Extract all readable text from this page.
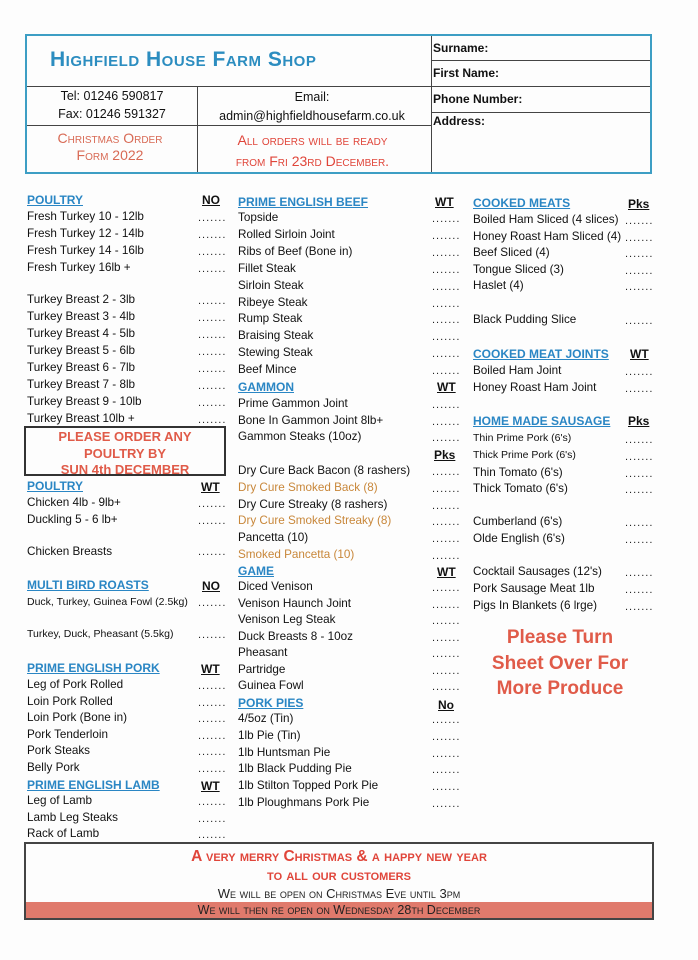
Highfield House Farm Shop
Tel: 01246 590817
Fax: 01246 591327
Email:
admin@highfieldhousefarm.co.uk
Christmas Order
Form 2022
All orders will be ready
from Fri 23rd December.
Surname:
First Name:
Phone Number:
Address:
POULTRY	NO
Fresh Turkey 10 - 12lb	.......
Fresh Turkey 12 - 14lb	.......
Fresh Turkey 14 - 16lb	.......
Fresh Turkey 16lb +	.......
Turkey Breast 2 - 3lb	.......
Turkey Breast 3 - 4lb	.......
Turkey Breast 4 - 5lb	.......
Turkey Breast 5 - 6lb	.......
Turkey Breast 6 - 7lb	.......
Turkey Breast 7 - 8lb	.......
Turkey Breast 9 - 10lb	.......
Turkey Breast 10lb +	.......
PLEASE ORDER ANY
POULTRY BY
SUN 4th DECEMBER
POULTRY	WT
Chicken 4lb - 9lb+	.......
Duckling 5 - 6 lb+	.......
Chicken Breasts	.......
MULTI BIRD ROASTS	NO
Duck, Turkey, Guinea Fowl (2.5kg) .......
Turkey, Duck, Pheasant (5.5kg) .......
PRIME ENGLISH PORK	WT
Leg of Pork Rolled	.......
Loin Pork Rolled	.......
Loin Pork (Bone in)	.......
Pork Tenderloin	.......
Pork Steaks	.......
Belly Pork	.......
PRIME ENGLISH LAMB	WT
Leg of Lamb	.......
Lamb Leg Steaks	.......
Rack of Lamb	.......
PRIME ENGLISH BEEF	WT
Topside	.......
Rolled Sirloin Joint	.......
Ribs of Beef (Bone in)	.......
Fillet Steak	.......
Sirloin Steak	.......
Ribeye Steak	.......
Rump Steak	.......
Braising Steak	.......
Stewing Steak	.......
Beef Mince	.......
GAMMON	WT
Prime Gammon Joint	.......
Bone In Gammon Joint 8lb+	.......
Gammon Steaks (10oz)	.......
Pks
Dry Cure Back Bacon (8 rashers) .......
Dry Cure Smoked Back (8)	.......
Dry Cure Streaky (8 rashers)	.......
Dry Cure Smoked Streaky (8)	.......
Pancetta (10)	.......
Smoked Pancetta (10)	.......
GAME	WT
Diced Venison	.......
Venison Haunch Joint	.......
Venison Leg Steak	.......
Duck Breasts 8 - 10oz	.......
Pheasant	.......
Partridge	.......
Guinea Fowl	.......
PORK PIES	No
4/5oz (Tin)	.......
1lb Pie (Tin)	.......
1lb Huntsman Pie	.......
1lb Black Pudding Pie	.......
1lb Stilton Topped Pork Pie	.......
1lb Ploughmans Pork Pie	.......
COOKED MEATS	Pks
Boiled Ham Sliced (4 slices) .......
Honey Roast Ham Sliced (4) .......
Beef Sliced (4)	.......
Tongue Sliced (3)	.......
Haslet (4)	.......
Black Pudding Slice	.......
COOKED MEAT JOINTS WT
Boiled Ham Joint	.......
Honey Roast Ham Joint	.......
HOME MADE SAUSAGE Pks
Thin Prime Pork (6's)	.......
Thick Prime Pork (6's)	.......
Thin Tomato (6's)	.......
Thick Tomato (6's)	.......
Cumberland (6's)	.......
Olde English (6's)	.......
Cocktail Sausages (12's) .......
Pork Sausage Meat 1lb	.......
Pigs In Blankets (6 lrge)	.......
Please Turn
Sheet Over For
More Produce
A very merry Christmas & a happy new year
to all our customers
We will be open on Christmas Eve until 3pm
We will then re open on Wednesday 28th December
